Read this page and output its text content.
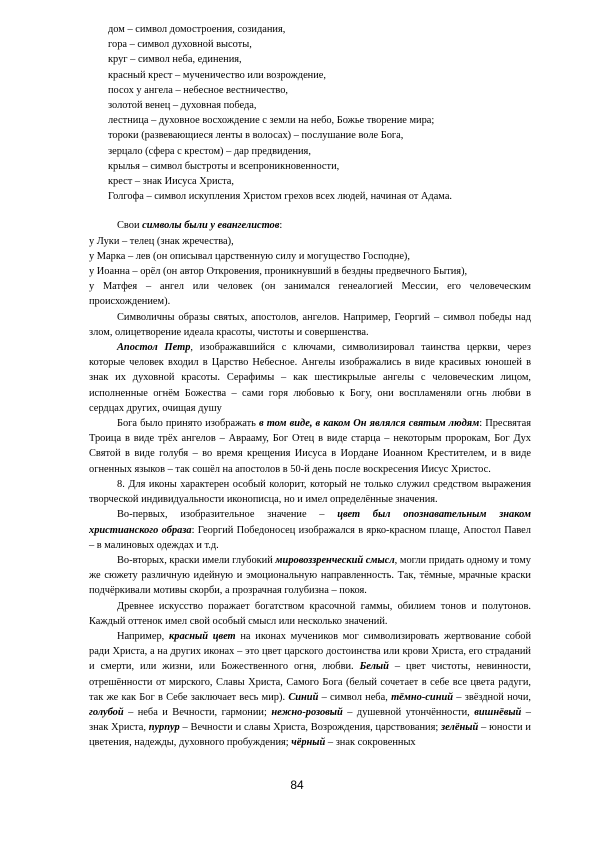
дом – символ домостроения, созидания,

гора – символ духовной высоты,

круг – символ неба, единения,

красный крест – мученичество или возрождение,

посох у ангела – небесное вестничество,

золотой венец – духовная победа,

лестница – духовное восхождение с земли на небо, Божье творение мира;

тороки (развевающиеся ленты в волосах) – послушание воле Бога,

зерцало (сфера с крестом) – дар предвидения,

крылья – символ быстроты и всепроникновенности,

крест – знак Иисуса Христа,

Голгофа – символ искупления Христом грехов всех людей, начиная от Адама.

Свои символы были у евангелистов:

у Луки – телец (знак жречества),

у Марка – лев (он описывал царственную силу и могущество Господне),

у Иоанна – орёл (он автор Откровения, проникнувший в бездны предвечного Бытия),

у Матфея – ангел или человек (он занимался генеалогией Мессии, его человеческим происхождением).

Символичны образы святых, апостолов, ангелов. Например, Георгий – символ победы над злом, олицетворение идеала красоты, чистоты и совершенства.

Апостол Петр, изображавшийся с ключами, символизировал таинства церкви, через которые человек входил в Царство Небесное. Ангелы изображались в виде красивых юношей в знак их духовной красоты. Серафимы – как шестикрылые ангелы с человеческим лицом, исполненные огнём Божества – сами горя любовью к Богу, они воспламеняли огнь любви в сердцах других, очищая душу

Бога было принято изображать в том виде, в каком Он являлся святым людям: Пресвятая Троица в виде трёх ангелов – Аврааму, Бог Отец в виде старца – некоторым пророкам, Бог Дух Святой в виде голубя – во время крещения Иисуса в Иордане Иоанном Крестителем, и в виде огненных языков – так сошёл на апостолов в 50-й день после воскресения Иисус Христос.

8. Для иконы характерен особый колорит, который не только служил средством выражения творческой индивидуальности иконописца, но и имел определённые значения.

Во-первых, изобразительное значение – цвет был опознавательным знаком христианского образа: Георгий Победоносец изображался в ярко-красном плаще, Апостол Павел – в малиновых одеждах и т.д.

Во-вторых, краски имели глубокий мировоззренческий смысл, могли придать одному и тому же сюжету различную идейную и эмоциональную направленность. Так, тёмные, мрачные краски подчёркивали мотивы скорби, а прозрачная голубизна – покоя.

Древнее искусство поражает богатством красочной гаммы, обилием тонов и полутонов. Каждый оттенок имел свой особый смысл или несколько значений.

Например, красный цвет на иконах мучеников мог символизировать жертвование собой ради Христа, а на других иконах – это цвет царского достоинства или крови Христа, его страданий и смерти, или жизни, или Божественного огня, любви. Белый – цвет чистоты, невинности, отрешённости от мирского, Славы Христа, Самого Бога (белый сочетает в себе все цвета радуги, так же как Бог в Себе заключает весь мир). Синий – символ неба, тёмно-синий – звёздной ночи, голубой – неба и Вечности, гармонии; нежно-розовый – душевной утончённости, вишнёвый – знак Христа, пурпур – Вечности и славы Христа, Возрождения, царствования; зелёный – юности и цветения, надежды, духовного пробуждения; чёрный – знак сокровенных

84
